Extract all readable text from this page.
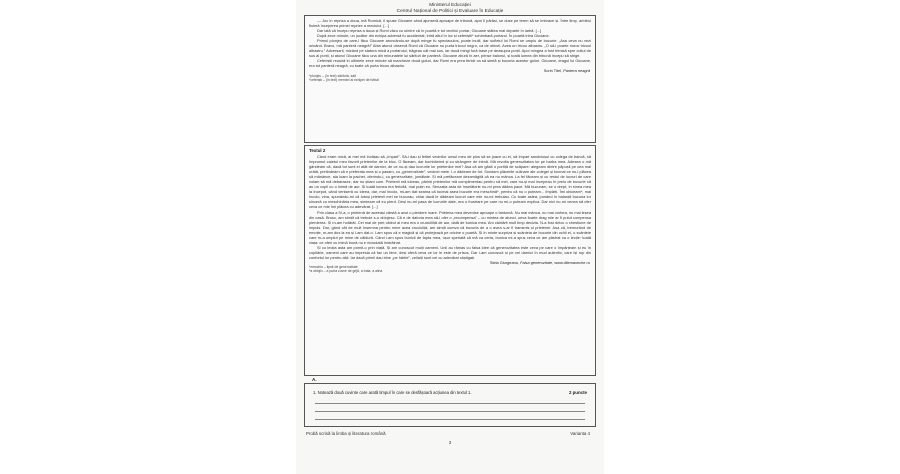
Ministerul Educației
Centrul Național de Politici și Evaluare în Educație

— Joc în repriza a doua, mă Romică, îl spuse Gicoane când ajunseră aproape de tribună, apoi îl părăsi, se duse pe teren să se îmbrace și. Între timp, arbitrul fluieră începerea primei reprize a meciului. [...]

Dar iată că începu repriza a doua și Romi văzu cu uimire că în poartă e tot vechiul portar; Gicoane stătea mai departe în iarbă. [...]

După zece minute, un jucător din echipa adversă fu accidentat, intră altul în loc și ceferiștii* schimbară portarul. În poartă intra Gicoane.

Primul plonjeu de care-l făcu Gicoane aruncându-se după minge fu spectaculos, poate inutil, dar sufletul lui Romi se umplu de bucurie. „Asa ceva nu vezi oricând. Bravo, mă panteră neagră!” Abia atunci observă Romi că Gicoane nu purta tricoul negru, ca de obicei. Avea un tricou albastru. „O să-i poarte noroc tricoul albastru.” Adversarii, mizând pe statura mică a portarului, trăgeau cât mai sus, iar două mingi fură trase pe deasupra porții. Apoi mingea a fost trimisă spre colțul de sus al porții, și atunci Gicoane făcu una din minunatele lui sărituri de panteră. Gicoane zbură în aer, prinse balonul, și toată lumea din tribună începu să strige.

Ceferiștii reușiră în ultimele zece minute să marcheze două goluri, dar Romi era prea fericit ca să simtă și bucuria acestor goluri. Gicoane, dragul lui Gicoane, era tot panteră neagră, cu toate că purta tricou albastru.

Sorin Titel, Pantera neagră
*plonjeu – (în text) săritură, salt
*ceferiști – (în text) membri ai echipei de fotbal
Textul 2

Când eram mică, ai mei mă învățau să „împart”. Să-i dau și fetiței vecinilor unsul meu de plus să se joace cu el, să împart sandviușul cu colega de bancă, să împrumut caietul meu favorit prietenilor de la bloc. O făceam, dar bombănind și cu strângere de inimă. Mă revolta generozitatea lor pe barba mea. Adesea o mă gândeam că, dacă tot sunt ei atât de darnici, de ce nu-și dau lucrurile lor prietenilor mei? Așa că am găsit o portiță de scăpare: alegeam dintre păpușii pe cea mai urâtă, pretindeam că e preferata mea și o pasam, cu „generozitate”, vecinei mele. I-o dădeam de tot. Sondam plăcerile culinare ale colegei și tocmai ce nu-i plăcea să mănânce, aia luam la pachet, oferindu-i, cu generozitate, jumătate. Și mă prefăceam dezamăgită că ea nu mânca. La fel făceam și cu restul de lucruri de care voiam să mă debarasez, dar nu știam cum. Prietenii mă iubeau, părinți prietenilor mă complimentau pentru că mei, care nu-și mai începeau în prelo de bucurie că au un copil cu o inimă de aur. Și toată lumea era fericită, mai puțin eu. Senzația asta de înșelătorie nu-mi prea dădea pace. Mă bucuram, se o drept, în sinea mea la început, când veniseră cu ideea, dar, mai încolo, mi-am dat seama că tocmai asea bucurie era meschină*, pentru că nu o puteam... împărți. Îmi obiceam*, mai încolo, vina, spunându-mi că totuși prietenii mei se bucurau, chiar dacă le dădeam lucruri care mie nu-mi trebuiau. Cu toate astea, punând în balanță bucuria lor sinceră cu meschinăria mea, simțeam că eu pierd. Deși nu-mi pasa de lucrurile date, era o frustrare pe care nu mi-o puteam explica. Dar nici nu-mi venea să ofer ceva ce mie îmi plăcea cu adevărat. [...]

Prin clasa a IV-a, o prietenă de aceeași vârstă a avut o pierdere mare. Prietena mea devenise aproape o fantomă. Nu mai mânca, nu mai vorbea, nu mai ieșea din casă. Brusc, am simțit că trebuie s-o obiojesc. Că e de datoria mea să-i ofer o „recompensa” – cu mintea de atunci, oeva foarte drag mie ar fi putut compensa pierderea. Și m-am hotărât. Cel mai de preț obiect al meu era o crucicilliță de aur, dată de bunica mea. Am cântărit mult timp decizia. N-a fost deloc o chestiune de impuls. Dar, gând căt de mult însemna pentru mine acea cruciuliță, am simțit cumva că bucuria de a o avea s-ar fi transmis și prietenei. Așa că, tremurând de emoție, m-am dus la ea și i-am dat-o. I-am spus că e magică și că protejează pe oricine o poartă. Și în minte surpriza și scânteia de bucurie din ochii ei, o scânteie care m-a umplut pe mine de căldură. Când i-am spus bunicii de fapta mea, ușor speriată că mă va certa, bunica mi-a spus ceva ce am păstrat ca o lecție: toată viața: ce oferi cu inimă bună nu e niciodată înstrăinat.

Și cu lecția asta am pornit-o prin viață. Și am cunoscut mulți oameni. Unii au rămas cu falsa idee că generozitatea este ceva pe care o împărțeam și eu în copilărie, oameni care au impresia că fac un bine, deși oferă ceva ce lor le este de prisos. Dar i-am cunoscut și pe cei darnici în mod autentic, care își rup din confortul lor pentru alții. Iar dacă primii dau bine „pe hârtie”, ceilalți sunt cei cu adevărat câștigați.

Stela Giurgeanu, Falsa generozitate, www.dilemaveche.ro
*meschin – lipsit de generozitate
*a oblojiv – a purta cuvve de grijă, a trata, a alina
A.
1. Notează două cuvinte care arată timpul în care se desfășoară acțiunea din textul 1.	2 puncte
Probă scrisă la limba și literatura română	Varianta 4
3
